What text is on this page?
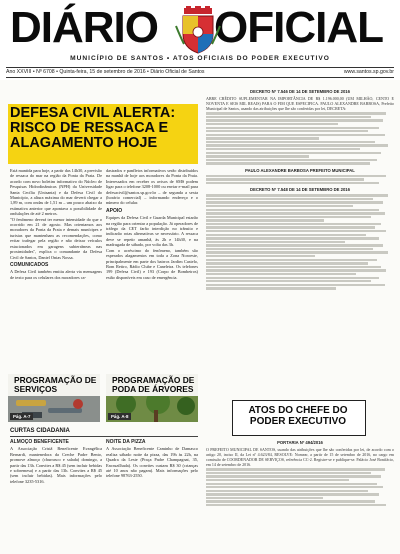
DIÁRIO OFICIAL
MUNICÍPIO DE SANTOS • ATOS OFICIAIS DO PODER EXECUTIVO
Ano XXVIII • Nº 6708 • Quinta-feira, 15 de setembro de 2016 • Diário Oficial de Santos	www.santos.sp.gov.br
DEFESA CIVIL ALERTA: RISCO DE RESSACA E ALAGAMENTO HOJE
Está mantida para hoje, a partir das 14h30, a previsão de ressaca do mar na região da Ponta da Praia. De acordo com novo boletim informativo do Núcleo de Pesquisas Hidrodinâmicas (NPH) da Universidade Santa Cecília (Unisanta) e da Defesa Civil do Município, a altura máxima do mar deverá chegar a 1,89 m, com ondas de 1,51 m – um pouco abaixo da estimativa anterior que apontava a possibilidade de ondulações de até 2 metros.
"O fenômeno deverá ter menor intensidade do que o ocorrido em 21 de agosto. Mas orientamos aos moradores da Ponta da Praia e demais munícipes e turistas que mantenham as recomendações, como evitar trafegar pela região e não deixar veículos estacionados em garagens subterrâneas nas proximidades", explica o comandante da Defesa Civil de Santos, Daniel Onias Nossa.
COMUNICADOS
A Defesa Civil também emitiu alerta via mensagens de texto para os celulares dos moradores ca-
dastrados e panfletos informativos serão distribuídos na manhã de hoje aos moradores da Ponta da Praia. Interessados em receber os avisos de SMS podem ligar para o telefone 3208-1000 ou enviar e-mail para defesacivil@santos.sp.gov.br – de segunda a sexta (horário comercial) – informando endereço e o número do celular.
APOIO
Equipes da Defesa Civil e Guarda Municipal estarão na região para orientar a população. Já operadores de tráfego da CET farão interdição no trânsito e indicarão rotas alternativas se necessário. A ressaca deve se repetir amanhã, às 2h e 14h30, e na madrugada de sábado, por volta das 3h.
Com o acréscimo do fenômeno, também são esperados alagamentos em toda a Zona Noroeste, principalmente em parte dos bairros Jardim Castelo, Bom Retiro, Rádio Clube e Caneleira. Os telefones 199 (Defesa Civil) e 193 (Corpo de Bombeiros) estão disponíveis em caso de emergência.
PROGRAMAÇÃO DE SERVIÇOS
Pág. A-7
PROGRAMAÇÃO DE PODA DE ÁRVORES
Pág. A-8
CURTAS CIDADANIA
ALMOÇO BENEFICENTE
A Associação Cristã Beneficente Evangélica Bernardi, mantenedora da Creche Padre Bento, promove almoço (churrasco e salada) domingo, a partir das 13h. Convites a R$ 45 (sem incluir bebidas e sobremesa) e a partir das 13h. Convites a R$ 45 (sem incluir bebidas). Mais informações pelo telefone 3235-5316.
NOITE DA PIZZA
A Associação Beneficente Caminho de Damasco realiza sábado noite da pizza, das 19h às 22h, na Quadra da Leste (Praça Padre Champagnat, 35, Encruzilhada). Os convites custam R$ 30 (crianças até 10 anos não pagam). Mais informações pelo telefone 98763-2550.
DECRETO Nº 7.546 DE 14 DE SETEMBRO DE 2016
ABRE CRÉDITO SUPLEMENTAR NA IMPORTÂNCIA DE R$ 1.196.000,00 (UM MILHÃO, CENTO E NOVENTA E SEIS MIL REAIS) PARA O FIM QUE ESPECIFICA. PAULO ALEXANDRE BARBOSA, Prefeito Municipal de Santos, usando das atribuições que lhe são conferidas por lei, DECRETA:
PAULO ALEXANDRE BARBOSA PREFEITO MUNICIPAL
DECRETO Nº 7.548 DE 14 DE SETEMBRO DE 2016
ATOS DO CHEFE DO PODER EXECUTIVO
PORTARIA Nº 494/2016
O PREFEITO MUNICIPAL DE SANTOS, usando das atribuições que lhe são conferidas por lei, de acordo com o artigo 20, inciso II, da Lei nº 4.623/84, RESOLVE: Nomear, a partir de 15 de setembro de 2016, no cargo em comissão de COORDENADOR DE SERVIÇOS, referência CC-2. Registre-se e publique-se. Palácio José Bonifácio, em 14 de setembro de 2016.
